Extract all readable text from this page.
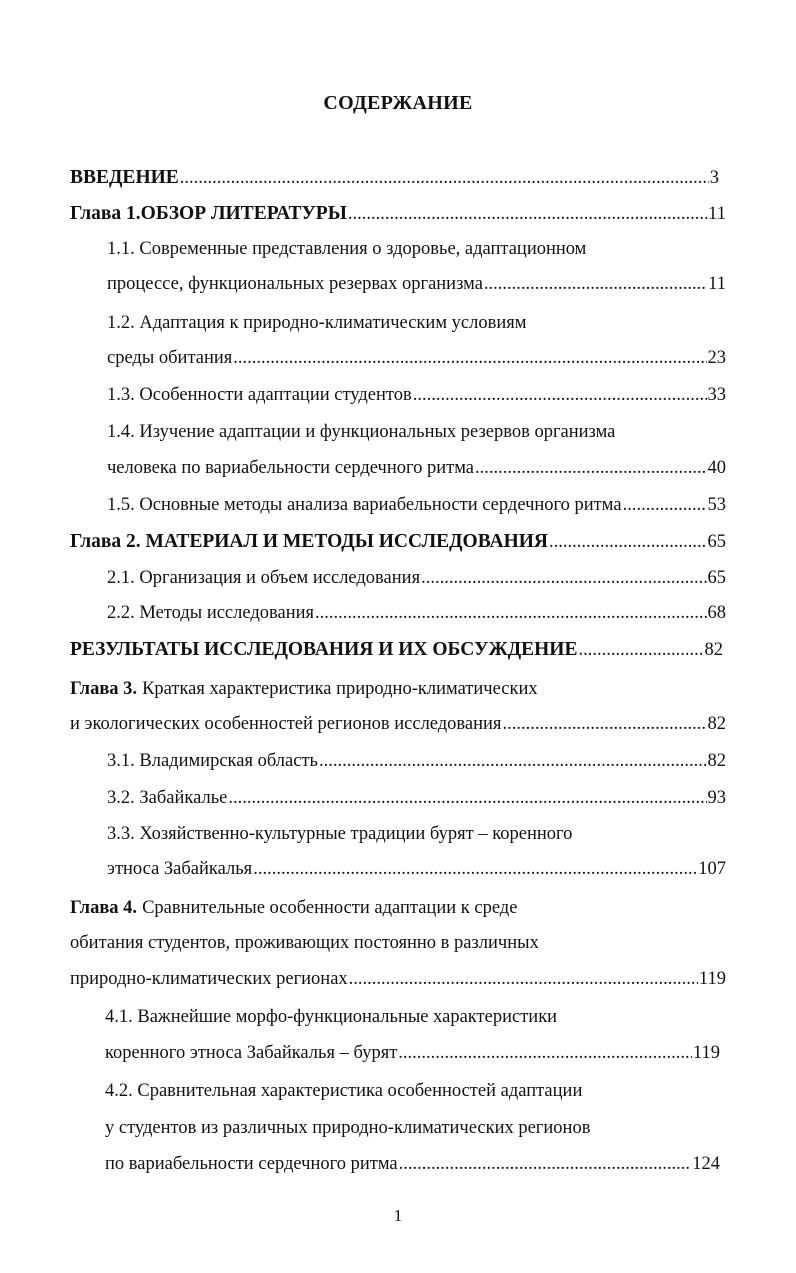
СОДЕРЖАНИЕ
ВВЕДЕНИЕ .....	3
Глава 1.ОБЗОР ЛИТЕРАТУРЫ .....	11
1.1. Современные представления о здоровье, адаптационном
процессе, функциональных резервах организма .....	11
1.2. Адаптация к природно-климатическим условиям
среды обитания .....	23
1.3. Особенности адаптации студентов .....	33
1.4. Изучение адаптации и функциональных резервов организма
человека по вариабельности сердечного ритма .....	40
1.5. Основные методы анализа вариабельности сердечного ритма .....	53
Глава 2. МАТЕРИАЛ И МЕТОДЫ ИССЛЕДОВАНИЯ .....	65
2.1. Организация и объем исследования .....	65
2.2. Методы исследования .....	68
РЕЗУЛЬТАТЫ ИССЛЕДОВАНИЯ И ИХ ОБСУЖДЕНИЕ .....	82
Глава 3. Краткая характеристика природно-климатических
и экологических особенностей регионов исследования .....	82
3.1. Владимирская область .....	82
3.2. Забайкалье .....	93
3.3. Хозяйственно-культурные традиции бурят – коренного
этноса Забайкалья .....	107
Глава 4. Сравнительные особенности адаптации к среде
обитания студентов, проживающих постоянно в различных
природно-климатических регионах .....	119
4.1. Важнейшие морфо-функциональные характеристики
коренного этноса Забайкалья – бурят .....	119
4.2. Сравнительная характеристика особенностей адаптации
у студентов из различных природно-климатических регионов
по вариабельности сердечного ритма .....	124
1
